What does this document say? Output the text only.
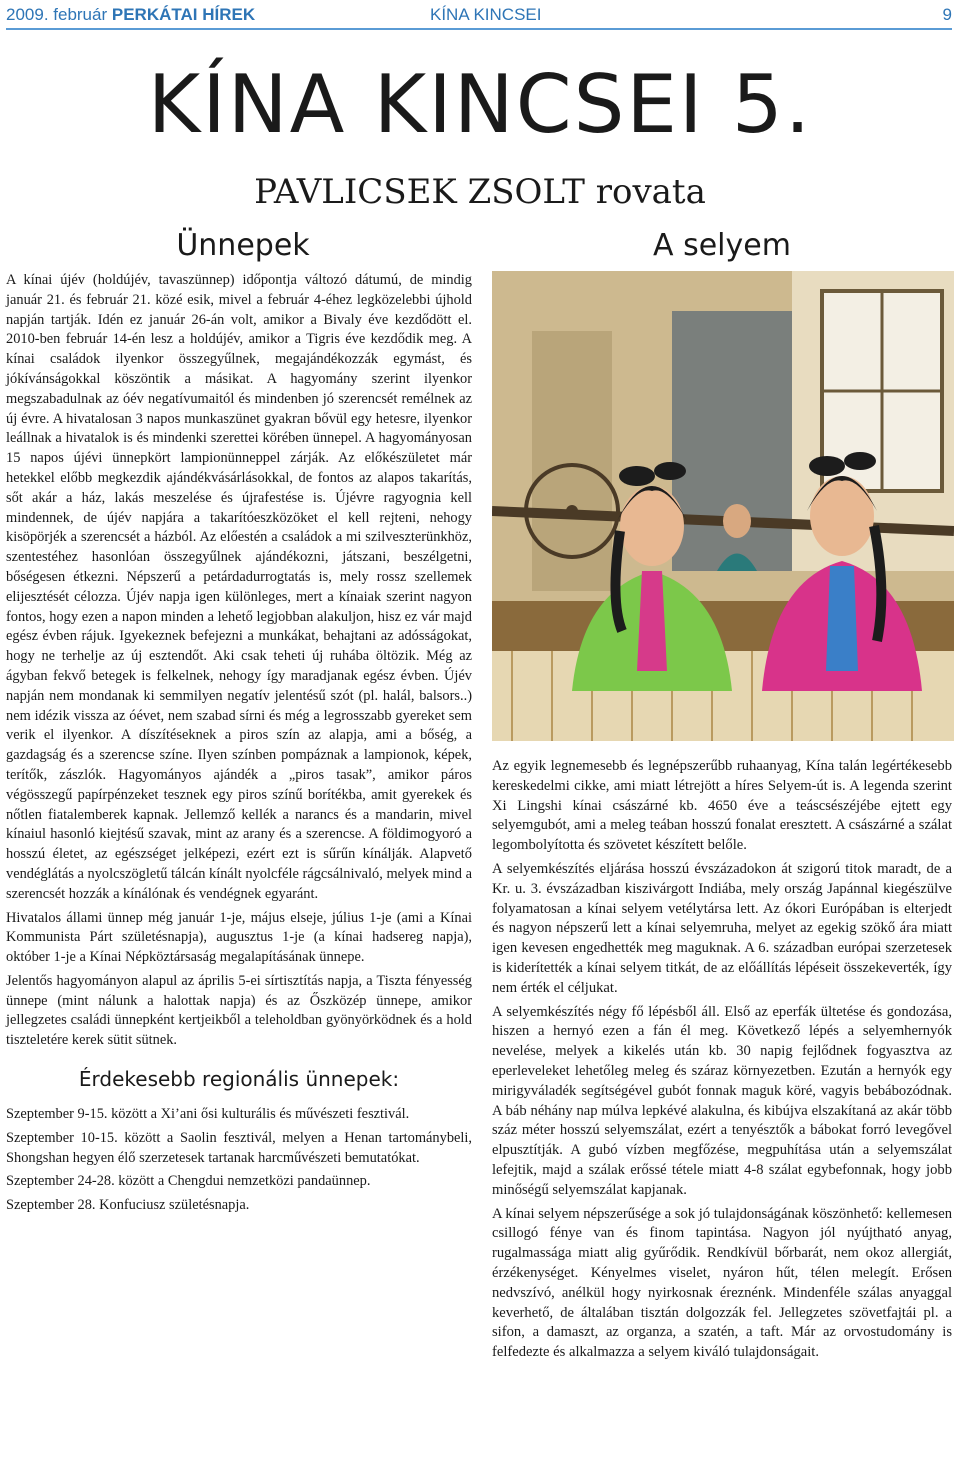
2009. február PERKÁTAI HÍREK	KÍNA KINCSEI	9
KÍNA KINCSEI 5.
PAVLICSEK ZSOLT rovata
Ünnepek

A kínai újév (holdújév, tavaszünnep) időpontja változó dátumú, de mindig január 21. és február 21. közé esik, mivel a február 4-éhez legközelebbi újhold napján tartják. Idén ez január 26-án volt, amikor a Bivaly éve kezdődött el. 2010-ben február 14-én lesz a holdújév, amikor a Tigris éve kezdődik meg. A kínai családok ilyenkor összegyűlnek, megajándékozzák egymást, és jókívánságokkal köszöntik a másikat. A hagyomány szerint ilyenkor megszabadulnak az óév negatívumaitól és mindenben jó szerencsét remélnek az új évre. A hivatalosan 3 napos munkaszünet gyakran bővül egy hetesre, ilyenkor leállnak a hivatalok is és mindenki szerettei körében ünnepel. A hagyományosan 15 napos újévi ünnepkört lampionünneppel zárják. Az előkészületet már hetekkel előbb megkezdik ajándékvásárlásokkal, de fontos az alapos takarítás, sőt akár a ház, lakás meszelése és újrafestése is. Újévre ragyognia kell mindennek, de újév napjára a takarítóeszközöket el kell rejteni, nehogy kisöpörjék a szerencsét a házból. Az előestén a családok a mi szilveszterünkhöz, szentestéhez hasonlóan összegyűlnek ajándékozni, játszani, beszélgetni, bőségesen étkezni. Népszerű a petárdadurrogtatás is, mely rossz szellemek elijesztését célozza. Újév napja igen különleges, mert a kínaiak szerint nagyon fontos, hogy ezen a napon minden a lehető legjobban alakuljon, hisz ez vár majd egész évben rájuk. Igyekeznek befejezni a munkákat, behajtani az adósságokat, hogy ne terhelje az új esztendőt. Aki csak teheti új ruhába öltözik. Még az ágyban fekvő betegek is felkelnek, nehogy így maradjanak egész évben. Újév napján nem mondanak ki semmilyen negatív jelentésű szót (pl. halál, balsors..) nem idézik vissza az óévet, nem szabad sírni és még a legrosszabb gyereket sem verik el ilyenkor. A díszítéseknek a piros szín az alapja, ami a bőség, a gazdagság és a szerencse színe. Ilyen színben pompáznak a lampionok, képek, terítők, zászlók. Hagyományos ajándék a „piros tasak”, amikor páros végösszegű papírpénzeket tesznek egy piros színű borítékba, amit gyerekek és nőtlen fiatalemberek kapnak. Jellemző kellék a narancs és a mandarin, mivel kínaiul hasonló kiejtésű szavak, mint az arany és a szerencse. A földimogyoró a hosszú életet, az egészséget jelképezi, ezért ezt is sűrűn kínálják. Alapvető vendéglátás a nyolcszögletű tálcán kínált nyolcféle rágcsálnivaló, melyek mind a szerencsét hozzák a kínálónak és vendégnek egyaránt.

Hivatalos állami ünnep még január 1-je, május elseje, július 1-je (ami a Kínai Kommunista Párt születésnapja), augusztus 1-je (a kínai hadsereg napja), október 1-je a Kínai Népköztársaság megalapításának ünnepe.

Jelentős hagyományon alapul az április 5-ei sírtisztítás napja, a Tiszta fényesség ünnepe (mint nálunk a halottak napja) és az Őszközép ünnepe, amikor jellegzetes családi ünnepként kertjeikből a teleholdban gyönyörködnek és a hold tiszteletére kerek sütit sütnek.

Érdekesebb regionális ünnepek:

Szeptember 9-15. között a Xi’ani ősi kulturális és művészeti fesztivál.

Szeptember 10-15. között a Saolin fesztivál, melyen a Henan tartománybeli, Shongshan hegyen élő szerzetesek tartanak harcművészeti bemutatókat.

Szeptember 24-28. között a Chengdui nemzetközi pandaünnep.

Szeptember 28. Konfuciusz születésnapja.

A selyem

Az egyik legnemesebb és legnépszerűbb ruhaanyag, Kína talán legértékesebb kereskedelmi cikke, ami miatt létrejött a híres Selyem-út is. A legenda szerint Xi Lingshi kínai császárné kb. 4650 éve a teáscsészéjébe ejtett egy selyemgubót, ami a meleg teában hosszú fonalat eresztett. A császárné a szálat legombolyította és szövetet készített belőle.

A selyemkészítés eljárása hosszú évszázadokon át szigorú titok maradt, de a Kr. u. 3. évszázadban kiszivárgott Indiába, mely ország Japánnal kiegészülve folyamatosan a kínai selyem vetélytársa lett. Az ókori Európában is elterjedt és nagyon népszerű lett a kínai selyemruha, melyet az egekig szökő ára miatt igen kevesen engedhették meg maguknak. A 6. században európai szerzetesek is kiderítették a kínai selyem titkát, de az előállítás lépéseit összekeverték, így nem érték el céljukat.

A selyemkészítés négy fő lépésből áll. Első az eperfák ültetése és gondozása, hiszen a hernyó ezen a fán él meg. Következő lépés a selyemhernyók nevelése, melyek a kikelés után kb. 30 napig fejlődnek fogyasztva az eperleveleket lehetőleg meleg és száraz környezetben. Ezután a hernyók egy mirigyváladék segítségével gubót fonnak maguk köré, vagyis bebábozódnak. A báb néhány nap múlva lepkévé alakulna, és kibújva elszakítaná az akár több száz méter hosszú selyemszálat, ezért a tenyésztők a bábokat forró levegővel elpusztítják. A gubó vízben megfőzése, megpuhítása után a selyemszálat lefejtik, majd a szálak erőssé tétele miatt 4-8 szálat egybefonnak, hogy jobb minőségű selyemszálat kapjanak.

A kínai selyem népszerűsége a sok jó tulajdonságának köszönhető: kellemesen csillogó fénye van és finom tapintása. Nagyon jól nyújtható anyag, rugalmassága miatt alig gyűrődik. Rendkívül bőrbarát, nem okoz allergiát, érzékenységet. Kényelmes viselet, nyáron hűt, télen melegít. Erősen nedvszívó, anélkül hogy nyirkosnak éreznénk. Mindenféle szálas anyaggal keverhető, de általában tisztán dolgozzák fel. Jellegzetes szövetfajtái pl. a sifon, a damaszt, az organza, a szatén, a taft. Már az orvostudomány is felfedezte és alkalmazza a selyem kiváló tulajdonságait.
